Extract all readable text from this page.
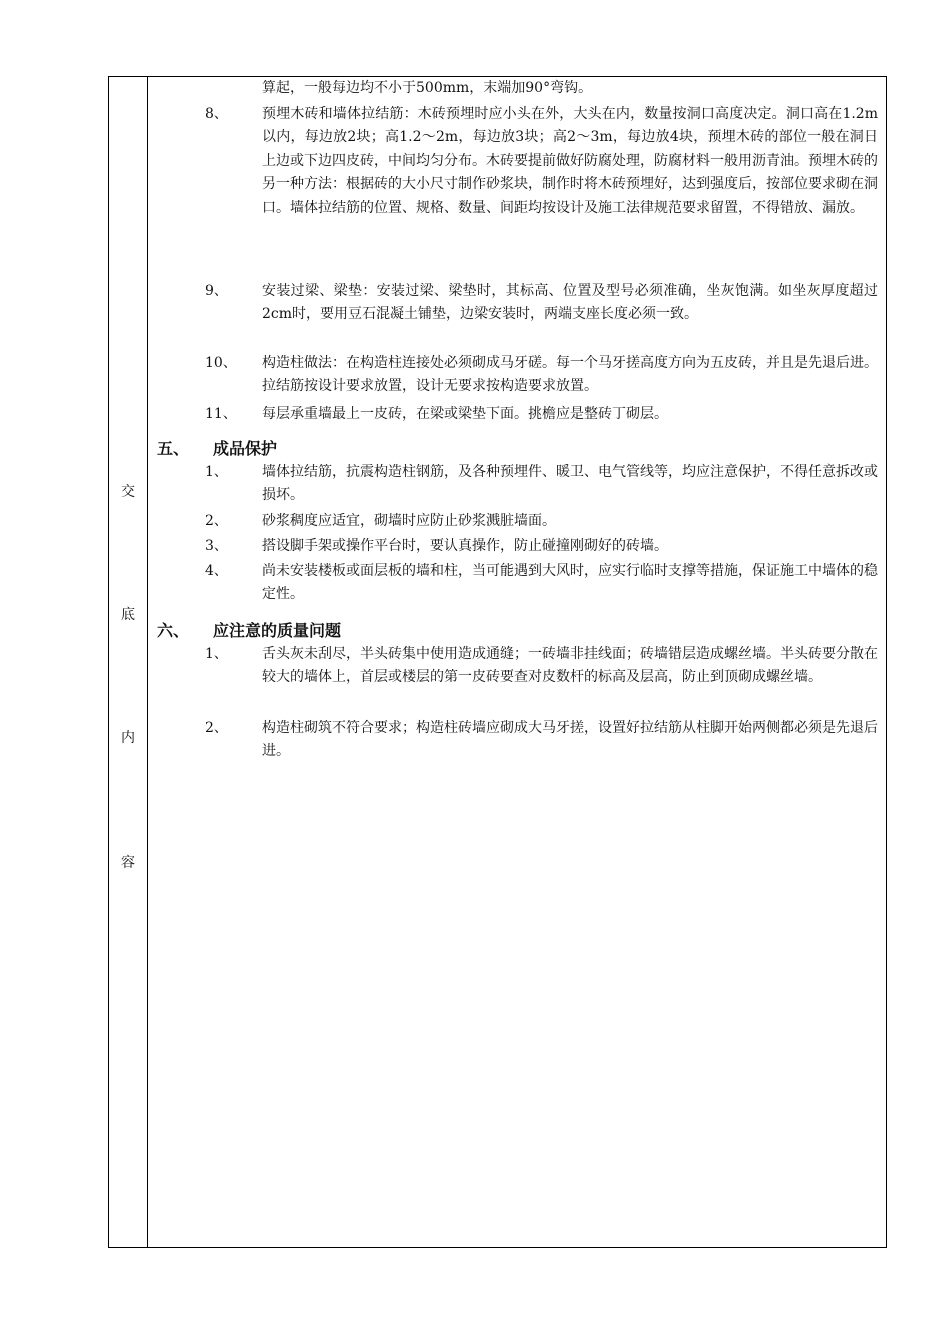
交
底
内
容
算起，一般每边均不小于500mm，末端加90°弯钩。
8、 预埋木砖和墙体拉结筋：木砖预埋时应小头在外，大头在内，数量按洞口高度决定。洞口高在1.2m以内，每边放2块；高1.2～2m，每边放3块；高2～3m，每边放4块，预埋木砖的部位一般在洞日上边或下边四皮砖，中间均匀分布。木砖要提前做好防腐处理，防腐材料一般用沥青油。预埋木砖的另一种方法：根据砖的大小尺寸制作砂浆块，制作时将木砖预埋好，达到强度后，按部位要求砌在洞口。墙体拉结筋的位置、规格、数量、间距均按设计及施工法律规范要求留置，不得错放、漏放。
9、 安装过梁、梁垫：安装过梁、梁垫时，其标高、位置及型号必须准确，坐灰饱满。如坐灰厚度超过2cm时，要用豆石混凝土铺垫，边梁安装时，两端支座长度必须一致。
10、 构造柱做法：在构造柱连接处必须砌成马牙磋。每一个马牙搓高度方向为五皮砖，并且是先退后进。拉结筋按设计要求放置，设计无要求按构造要求放置。
11、 每层承重墙最上一皮砖，在梁或梁垫下面。挑檐应是整砖丁砌层。
五、 成品保护
1、 墙体拉结筋，抗震构造柱钢筋，及各种预埋件、暖卫、电气管线等，均应注意保护，不得任意拆改或损坏。
2、 砂浆稠度应适宜，砌墙时应防止砂浆溅脏墙面。
3、 搭设脚手架或操作平台时，要认真操作，防止碰撞刚砌好的砖墙。
4、 尚未安装楼板或面层板的墙和柱，当可能遇到大风时，应实行临时支撑等措施，保证施工中墙体的稳定性。
六、 应注意的质量问题
1、 舌头灰未刮尽，半头砖集中使用造成通缝；一砖墙非挂线面；砖墙错层造成螺丝墙。半头砖要分散在较大的墙体上，首层或楼层的第一皮砖要查对皮数杆的标高及层高，防止到顶砌成螺丝墙。
2、 构造柱砌筑不符合要求；构造柱砖墙应砌成大马牙搓，设置好拉结筋从柱脚开始两侧都必须是先退后进。
